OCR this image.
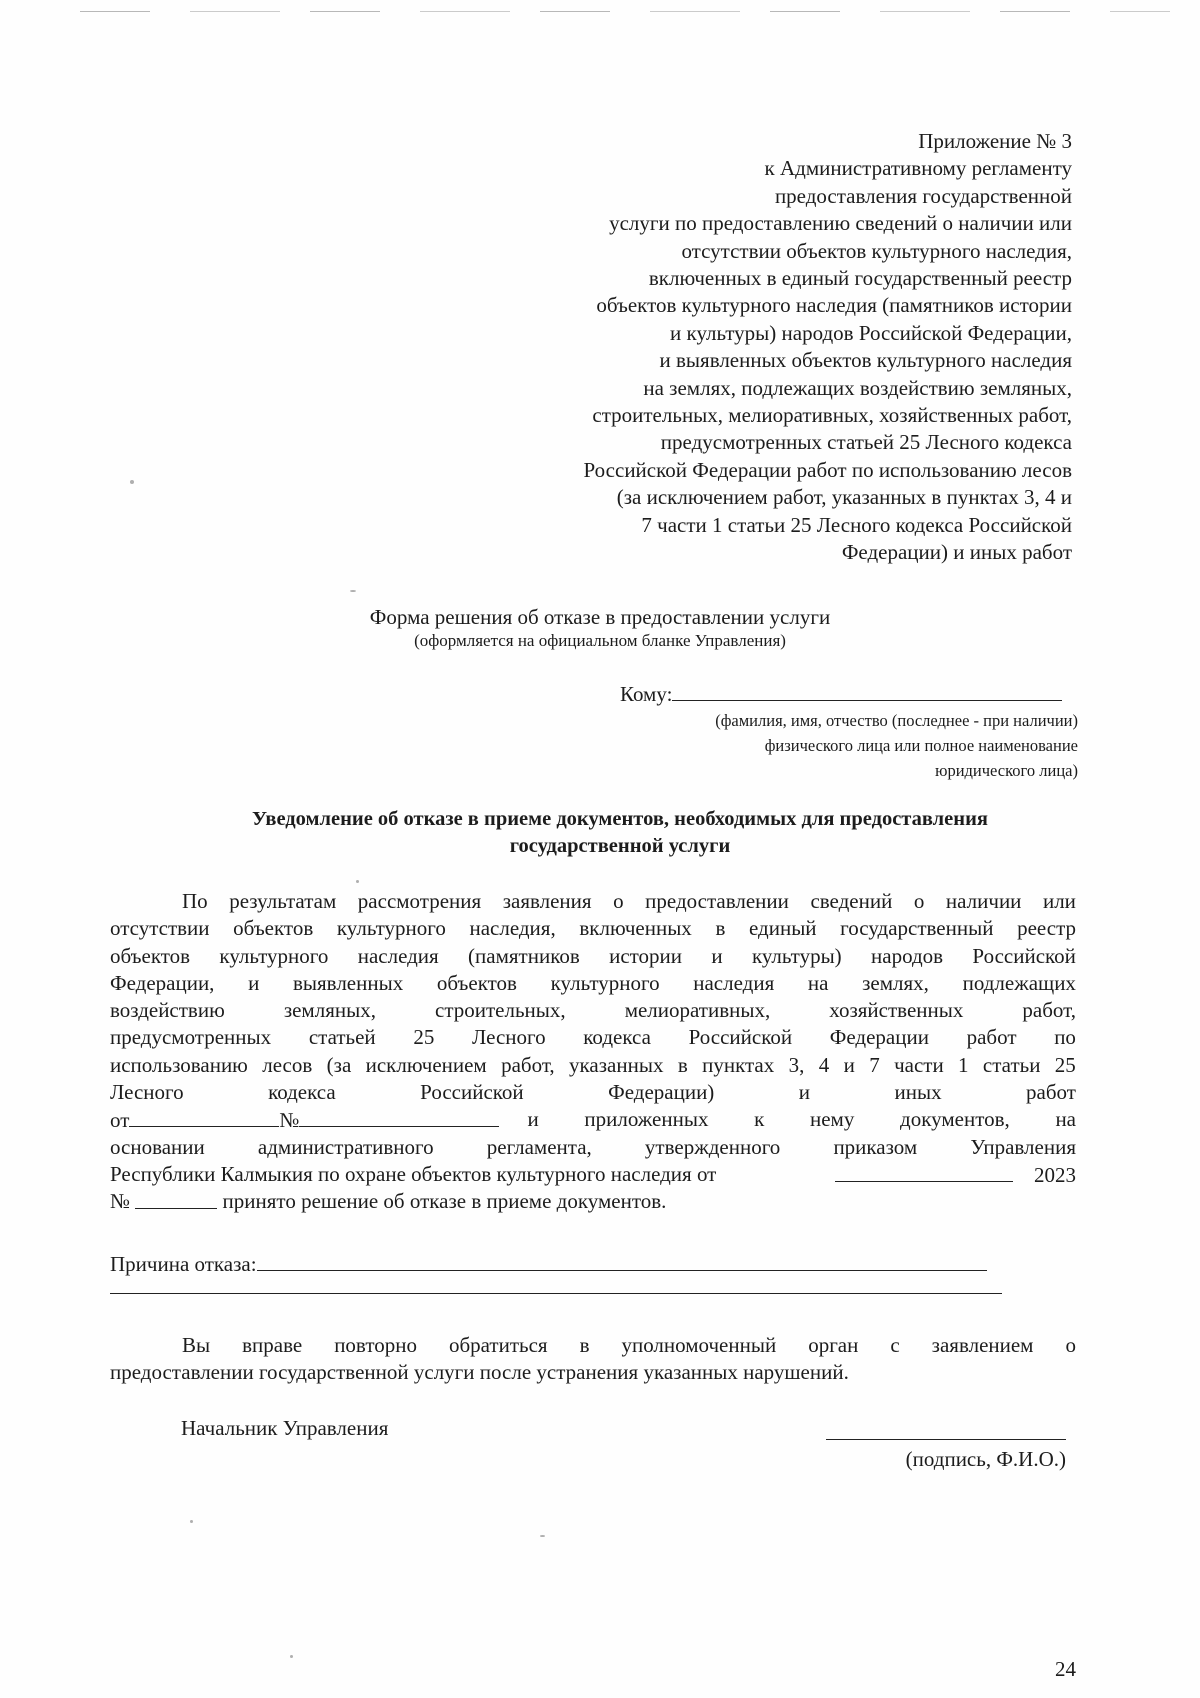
Приложение № 3
к Административному регламенту
предоставления государственной
услуги по предоставлению сведений о наличии или
отсутствии объектов культурного наследия,
включенных в единый государственный реестр
объектов культурного наследия (памятников истории
и культуры) народов Российской Федерации,
и выявленных объектов культурного наследия
на землях, подлежащих воздействию земляных,
строительных, мелиоративных, хозяйственных работ,
предусмотренных статьей 25 Лесного кодекса
Российской Федерации работ по использованию лесов
(за исключением работ, указанных в пунктах 3, 4 и
7 части 1 статьи 25 Лесного кодекса Российской
Федерации) и иных работ
Форма решения об отказе в предоставлении услуги
(оформляется на официальном бланке Управления)
Кому:
(фамилия, имя, отчество (последнее - при наличии)
физического лица или полное наименование
юридического лица)
Уведомление об отказе в приеме документов, необходимых для предоставления
государственной услуги
По результатам рассмотрения заявления о предоставлении сведений о наличии или
отсутствии объектов культурного наследия, включенных в единый государственный реестр
объектов культурного наследия (памятников истории и культуры) народов Российской
Федерации, и выявленных объектов культурного наследия на землях, подлежащих
воздействию	земляных,	строительных,	мелиоративных,	хозяйственных	работ,
предусмотренных статьей 25 Лесного кодекса Российской Федерации работ по
использованию лесов (за исключением работ, указанных в пунктах 3, 4 и 7 части 1 статьи 25
Лесного	кодекса	Российской	Федерации)	и	иных	работ
от	№	и приложенных к нему документов, на
основании	административного	регламента,	утвержденного	приказом	Управления
Республики Калмыкия по охране объектов культурного наследия от	2023
№

	принято решение об отказе в приеме документов.
Причина отказа:
Вы вправе повторно обратиться в уполномоченный орган с заявлением о
предоставлении государственной услуги после устранения указанных нарушений.
Начальник Управления
(подпись, Ф.И.О.)
24
